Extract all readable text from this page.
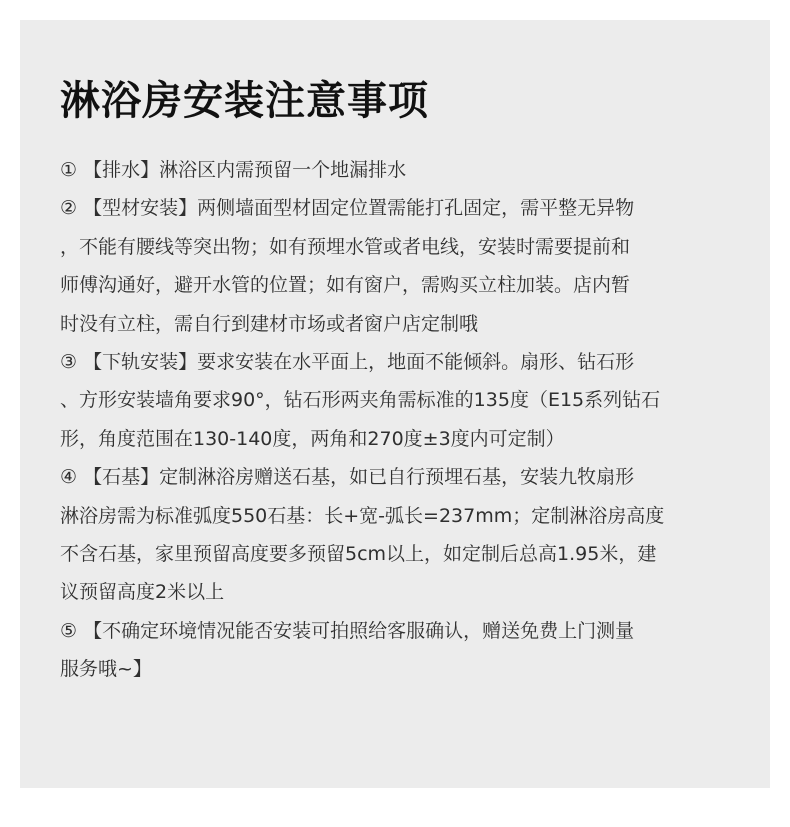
淋浴房安装注意事项
① 【排水】淋浴区内需预留一个地漏排水
② 【型材安装】两侧墙面型材固定位置需能打孔固定，需平整无异物
，不能有腰线等突出物；如有预埋水管或者电线，安装时需要提前和
师傅沟通好，避开水管的位置；如有窗户，需购买立柱加装。店内暂
时没有立柱，需自行到建材市场或者窗户店定制哦
③ 【下轨安装】要求安装在水平面上，地面不能倾斜。扇形、钻石形
、方形安装墙角要求90°，钻石形两夹角需标准的135度（E15系列钻石
形，角度范围在130-140度，两角和270度±3度内可定制）
④ 【石基】定制淋浴房赠送石基，如已自行预埋石基，安装九牧扇形
淋浴房需为标准弧度550石基：长+宽-弧长=237mm；定制淋浴房高度
不含石基，家里预留高度要多预留5cm以上，如定制后总高1.95米，建
议预留高度2米以上
⑤ 【不确定环境情况能否安装可拍照给客服确认，赠送免费上门测量
服务哦~】
